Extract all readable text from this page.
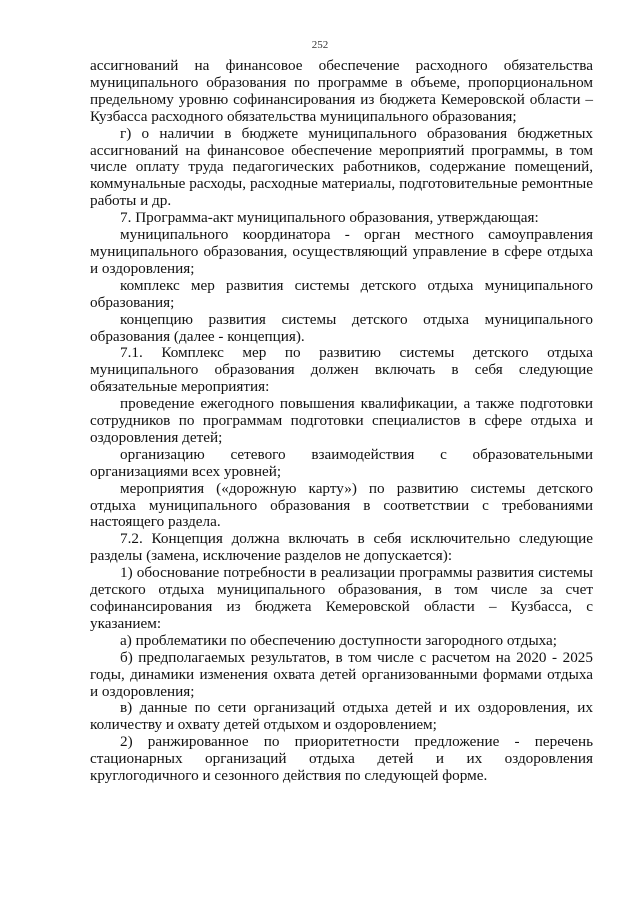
252

ассигнований на финансовое обеспечение расходного обязательства муниципального образования по программе в объеме, пропорциональном предельному уровню софинансирования из бюджета Кемеровской области – Кузбасса расходного обязательства муниципального образования;

г) о наличии в бюджете муниципального образования бюджетных ассигнований на финансовое обеспечение мероприятий программы, в том числе оплату труда педагогических работников, содержание помещений, коммунальные расходы, расходные материалы, подготовительные ремонтные работы и др.

7. Программа-акт муниципального образования, утверждающая:

муниципального координатора - орган местного самоуправления муниципального образования, осуществляющий управление в сфере отдыха и оздоровления;

комплекс мер развития системы детского отдыха муниципального образования;

концепцию развития системы детского отдыха муниципального образования (далее - концепция).

7.1. Комплекс мер по развитию системы детского отдыха муниципального образования должен включать в себя следующие обязательные мероприятия:

проведение ежегодного повышения квалификации, а также подготовки сотрудников по программам подготовки специалистов в сфере отдыха и оздоровления детей;

организацию сетевого взаимодействия с образовательными организациями всех уровней;

мероприятия («дорожную карту») по развитию системы детского отдыха муниципального образования в соответствии с требованиями настоящего раздела.

7.2. Концепция должна включать в себя исключительно следующие разделы (замена, исключение разделов не допускается):

1) обоснование потребности в реализации программы развития системы детского отдыха муниципального образования, в том числе за счет софинансирования из бюджета Кемеровской области – Кузбасса, с указанием:

а) проблематики по обеспечению доступности загородного отдыха;

б) предполагаемых результатов, в том числе с расчетом на 2020 - 2025 годы, динамики изменения охвата детей организованными формами отдыха и оздоровления;

в) данные по сети организаций отдыха детей и их оздоровления, их количеству и охвату детей отдыхом и оздоровлением;

2) ранжированное по приоритетности предложение - перечень стационарных организаций отдыха детей и их оздоровления круглогодичного и сезонного действия по следующей форме.
